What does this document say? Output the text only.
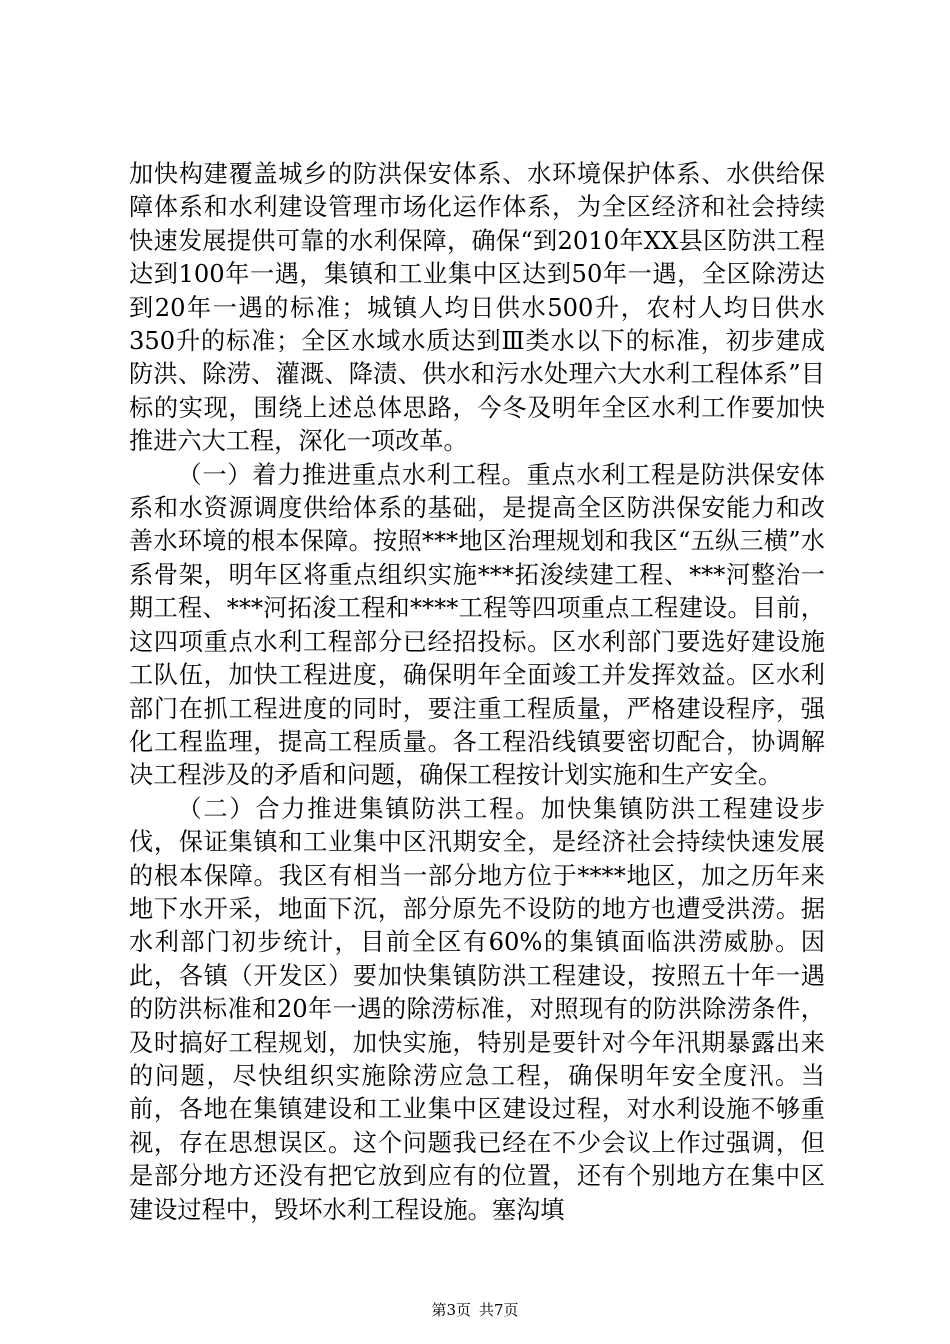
加快构建覆盖城乡的防洪保安体系、水环境保护体系、水供给保障体系和水利建设管理市场化运作体系，为全区经济和社会持续快速发展提供可靠的水利保障，确保“到2010年XX县区防洪工程达到100年一遇，集镇和工业集中区达到50年一遇，全区除涝达到20年一遇的标准；城镇人均日供水500升，农村人均日供水350升的标准；全区水域水质达到Ⅲ类水以下的标准，初步建成防洪、除涝、灌溉、降渍、供水和污水处理六大水利工程体系”目标的实现，围绕上述总体思路，今冬及明年全区水利工作要加快推进六大工程，深化一项改革。

（一）着力推进重点水利工程。重点水利工程是防洪保安体系和水资源调度供给体系的基础，是提高全区防洪保安能力和改善水环境的根本保障。按照***地区治理规划和我区“五纵三横”水系骨架，明年区将重点组织实施***拓浚续建工程、***河整治一期工程、***河拓浚工程和****工程等四项重点工程建设。目前，这四项重点水利工程部分已经招投标。区水利部门要选好建设施工队伍，加快工程进度，确保明年全面竣工并发挥效益。区水利部门在抓工程进度的同时，要注重工程质量，严格建设程序，强化工程监理，提高工程质量。各工程沿线镇要密切配合，协调解决工程涉及的矛盾和问题，确保工程按计划实施和生产安全。

（二）合力推进集镇防洪工程。加快集镇防洪工程建设步伐，保证集镇和工业集中区汛期安全，是经济社会持续快速发展的根本保障。我区有相当一部分地方位于****地区，加之历年来地下水开采，地面下沉，部分原先不设防的地方也遭受洪涝。据水利部门初步统计，目前全区有60%的集镇面临洪涝威胁。因此，各镇（开发区）要加快集镇防洪工程建设，按照五十年一遇的防洪标准和20年一遇的除涝标准，对照现有的防洪除涝条件，及时搞好工程规划，加快实施，特别是要针对今年汛期暴露出来的问题，尽快组织实施除涝应急工程，确保明年安全度汛。当前，各地在集镇建设和工业集中区建设过程，对水利设施不够重视，存在思想误区。这个问题我已经在不少会议上作过强调，但是部分地方还没有把它放到应有的位置，还有个别地方在集中区建设过程中，毁坏水利工程设施。塞沟填

第3页 共7页
